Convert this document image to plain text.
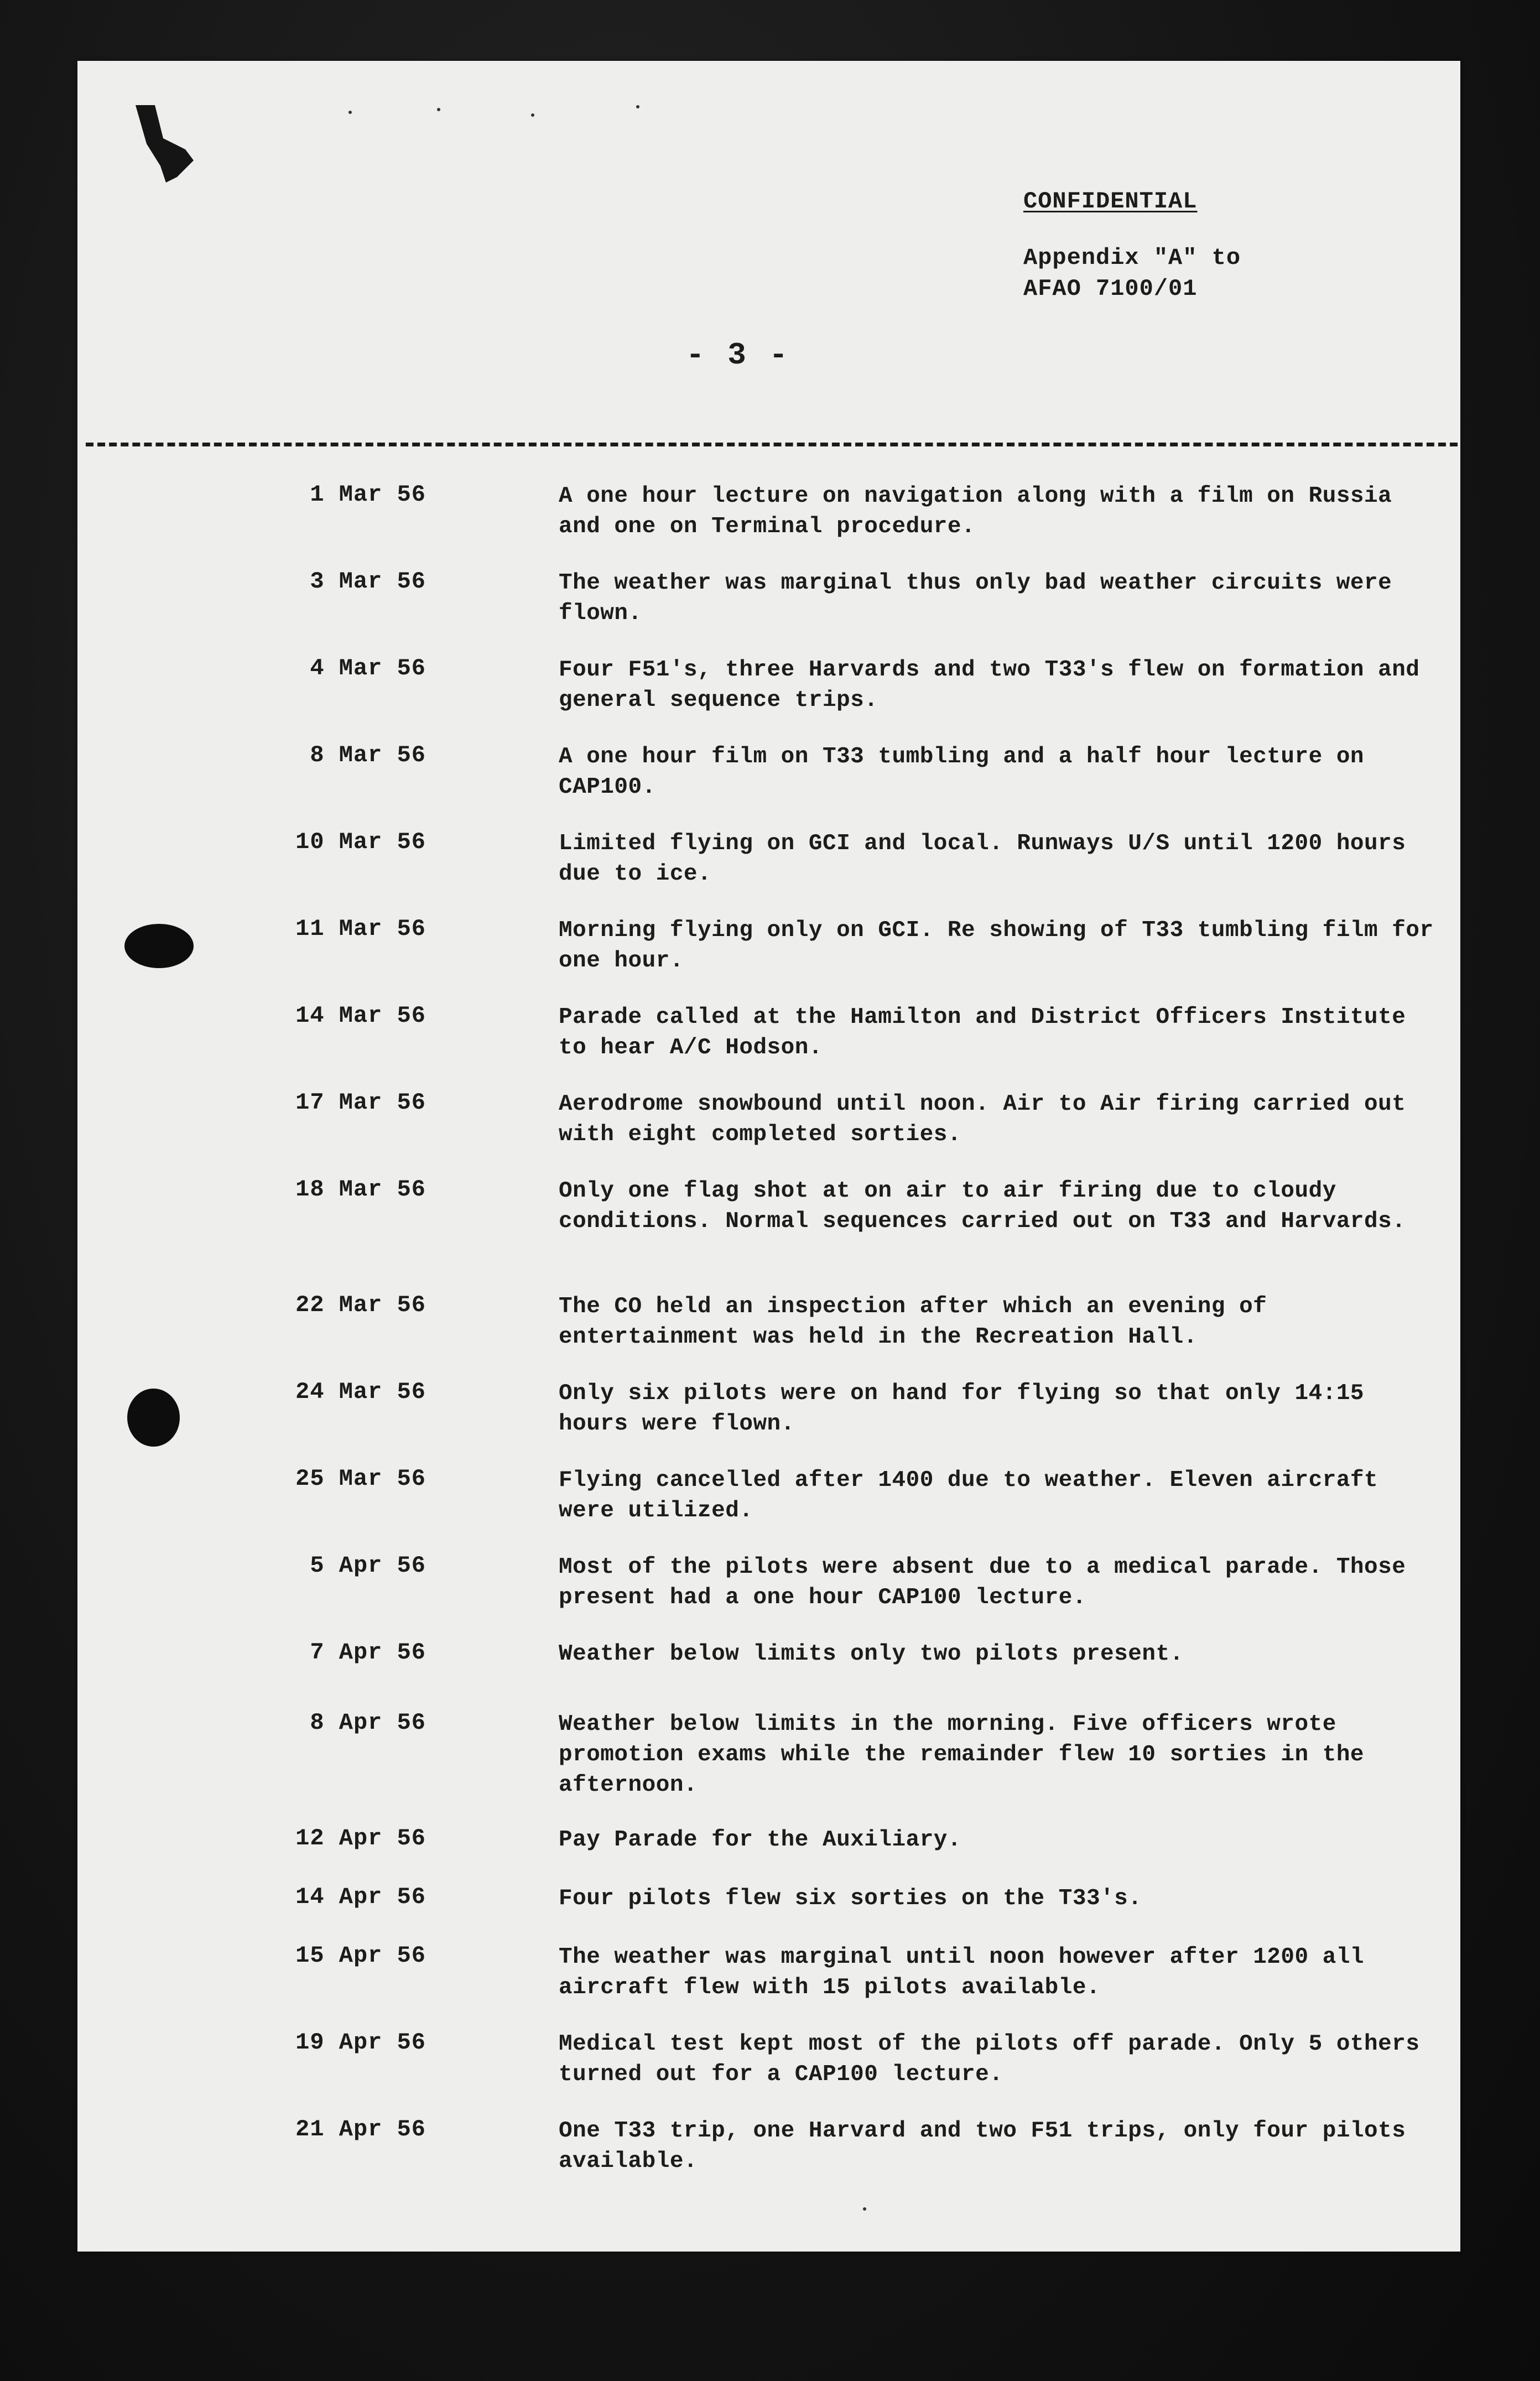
CONFIDENTIAL
Appendix "A" to
AFAO 7100/01
- 3 -
1 Mar 56	A one hour lecture on navigation along with a film on Russia and one on Terminal procedure.
3 Mar 56	The weather was marginal thus only bad weather circuits were flown.
4 Mar 56	Four F51's, three Harvards and two T33's flew on formation and general sequence trips.
8 Mar 56	A one hour film on T33 tumbling and a half hour lecture on CAP100.
10 Mar 56	Limited flying on GCI and local. Runways U/S until 1200 hours due to ice.
11 Mar 56	Morning flying only on GCI. Re showing of T33 tumbling film for one hour.
14 Mar 56	Parade called at the Hamilton and District Officers Institute to hear A/C Hodson.
17 Mar 56	Aerodrome snowbound until noon. Air to Air firing carried out with eight completed sorties.
18 Mar 56	Only one flag shot at on air to air firing due to cloudy conditions. Normal sequences carried out on T33 and Harvards.
22 Mar 56	The CO held an inspection after which an evening of entertainment was held in the Recreation Hall.
24 Mar 56	Only six pilots were on hand for flying so that only 14:15 hours were flown.
25 Mar 56	Flying cancelled after 1400 due to weather. Eleven aircraft were utilized.
5 Apr 56	Most of the pilots were absent due to a medical parade. Those present had a one hour CAP100 lecture.
7 Apr 56	Weather below limits only two pilots present.
8 Apr 56	Weather below limits in the morning. Five officers wrote promotion exams while the remainder flew 10 sorties in the afternoon.
12 Apr 56	Pay Parade for the Auxiliary.
14 Apr 56	Four pilots flew six sorties on the T33's.
15 Apr 56	The weather was marginal until noon however after 1200 all aircraft flew with 15 pilots available.
19 Apr 56	Medical test kept most of the pilots off parade. Only 5 others turned out for a CAP100 lecture.
21 Apr 56	One T33 trip, one Harvard and two F51 trips, only four pilots available.
